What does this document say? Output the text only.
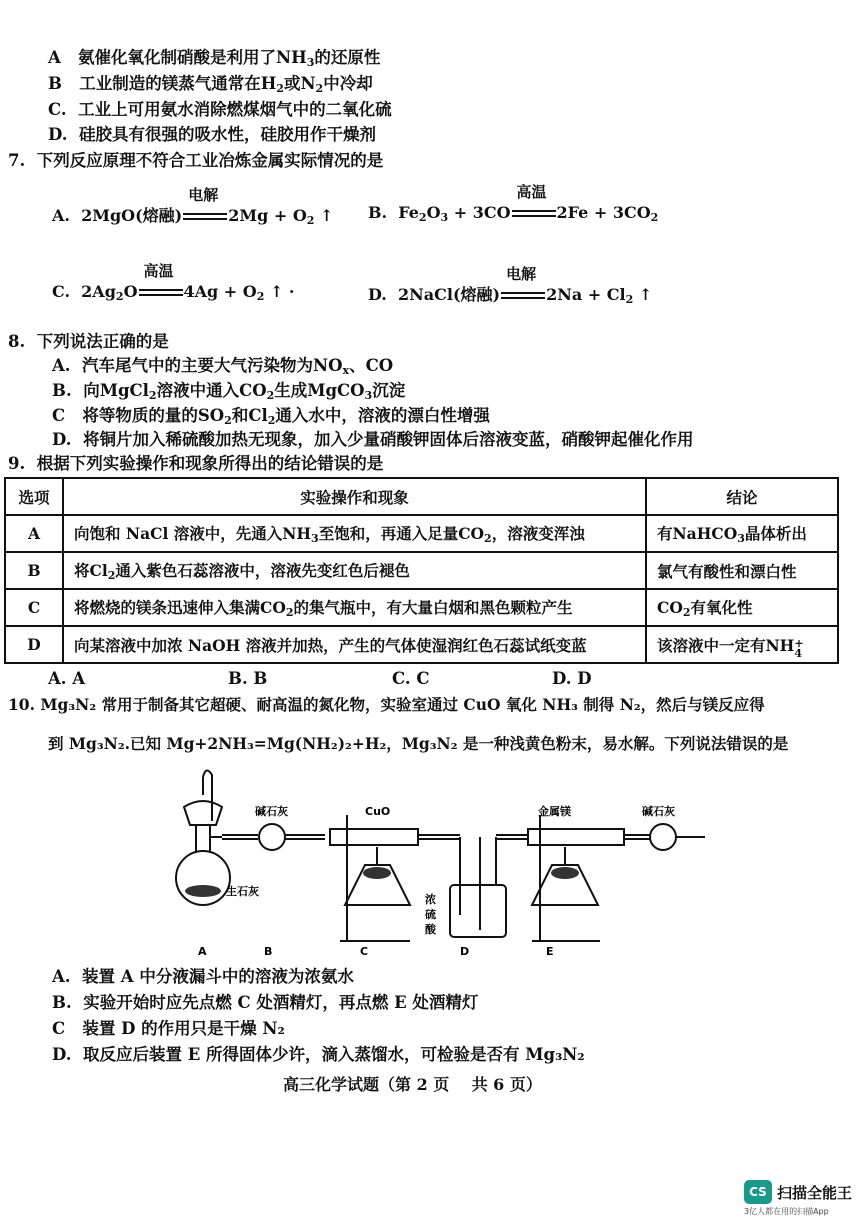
A 氨催化氧化制硝酸是利用了$NH_3$的还原性
B 工业制造的镁蒸气通常在$H_2$或$N_2$中冷却
C. 工业上可用氨水消除燃煤烟气中的二氧化硫
D. 硅胶具有很强的吸水性，硅胶用作干燥剂
7. 下列反应原理不符合工业冶炼金属实际情况的是
A. 2MgO(熔融)
电解
$2Mg + O_2$ ↑ B. $Fe_2O_3 + 3CO$
高温
$2Fe + 3CO_2$
C. $2Ag_2O$
高温
$4Ag + O_2$ ↑ ·	D. 2NaCl(熔融)
电解
$2Na + Cl_2$ ↑
8. 下列说法正确的是
A. 汽车尾气中的主要大气污染物为$NO_x$、CO
B. 向MgCl$_2$溶液中通入$CO_2$生成MgCO$_3$沉淀
C 将等物质的量的$SO_2$和$Cl_2$通入水中，溶液的漂白性增强
D. 将铜片加入稀硫酸加热无现象，加入少量硝酸钾固体后溶液变蓝，硝酸钾起催化作用
9. 根据下列实验操作和现象所得出的结论错误的是
选项	实验操作和现象	结论
A	向饱和 NaCl 溶液中，先通入$NH_3$至饱和，再通入足量$CO_2$，溶液变浑浊	有NaHCO$_3$晶体析出
B	将$Cl_2$通入紫色石蕊溶液中，溶液先变红色后褪色	氯气有酸性和漂白性
C	将燃烧的镁条迅速伸入集满$CO_2$的集气瓶中，有大量白烟和黑色颗粒产生	$CO_2$有氧化性
D	向某溶液中加浓 NaOH 溶液并加热，产生的气体使湿润红色石蕊试纸变蓝	该溶液中一定有NH +
4
A. A	B. B	C. C	D. D
10. Mg₃N₂ 常用于制备其它超硬、耐高温的氮化物，实验室通过 CuO 氧化 NH₃ 制得 N₂，然后与镁反应得
到 Mg₃N₂.已知 Mg+2NH₃=Mg(NH₂)₂+H₂，Mg₃N₂ 是一种浅黄色粉末，易水解。下列说法错误的是
碱石灰	CuO	金属镁	碱石灰
生石灰
浓
硫
酸
A	B	C	D	E
A. 装置 A 中分液漏斗中的溶液为浓氨水
B. 实验开始时应先点燃 C 处酒精灯，再点燃 E 处酒精灯
C 装置 D 的作用只是干燥 N₂
D. 取反应后装置 E 所得固体少许，滴入蒸馏水，可检验是否有 Mg₃N₂
高三化学试题（第 2 页 共 6 页）
CS 扫描全能王
3亿人都在用的扫描App
